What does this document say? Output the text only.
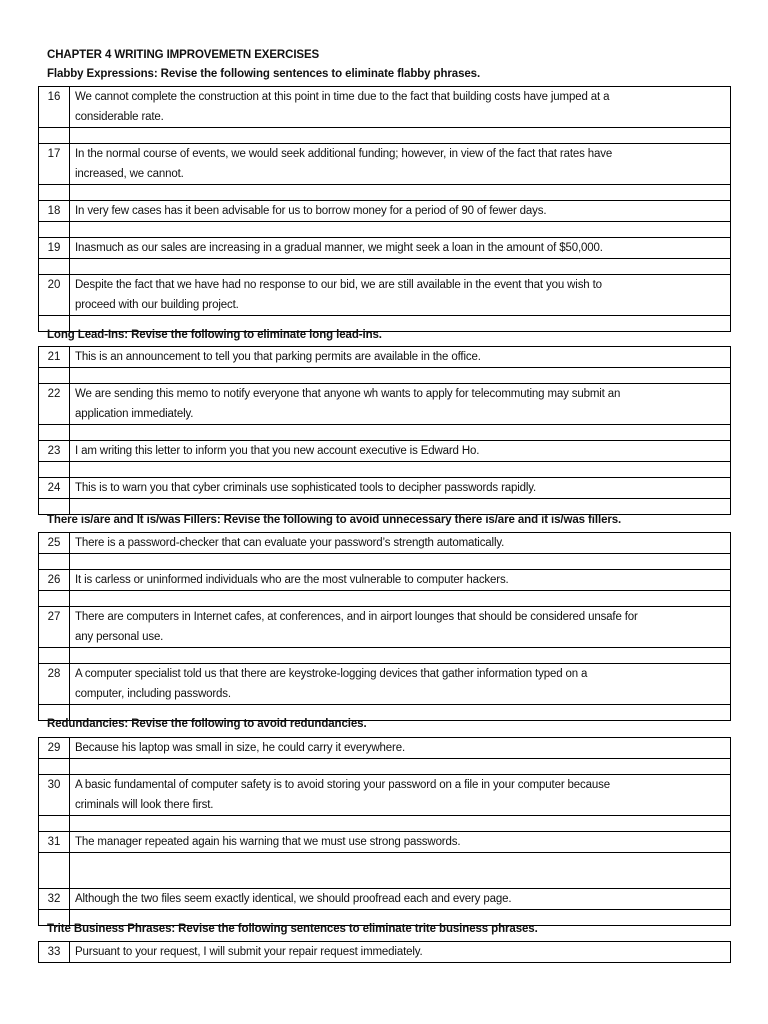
CHAPTER 4 WRITING IMPROVEMETN EXERCISES
Flabby Expressions: Revise the following sentences to eliminate flabby phrases.
16	We cannot complete the construction at this point in time due to the fact that building costs have jumped at a
considerable rate.

17	In the normal course of events, we would seek additional funding; however, in view of the fact that rates have
increased, we cannot.

18	In very few cases has it been advisable for us to borrow money for a period of 90 of fewer days.

19	Inasmuch as our sales are increasing in a gradual manner, we might seek a loan in the amount of $50,000.

20	Despite the fact that we have had no response to our bid, we are still available in the event that you wish to
proceed with our building project.

Long Lead-Ins: Revise the following to eliminate long lead-ins.
21	This is an announcement to tell you that parking permits are available in the office.

22	We are sending this memo to notify everyone that anyone wh wants to apply for telecommuting may submit an
application immediately.

23	I am writing this letter to inform you that you new account executive is Edward Ho.

24	This is to warn you that cyber criminals use sophisticated tools to decipher passwords rapidly.

There is/are and It is/was Fillers: Revise the following to avoid unnecessary there is/are and it is/was fillers.
25	There is a password-checker that can evaluate your password’s strength automatically.

26	It is carless or uninformed individuals who are the most vulnerable to computer hackers.

27	There are computers in Internet cafes, at conferences, and in airport lounges that should be considered unsafe for
any personal use.

28	A computer specialist told us that there are keystroke-logging devices that gather information typed on a
computer, including passwords.

Redundancies: Revise the following to avoid redundancies.
29	Because his laptop was small in size, he could carry it everywhere.

30	A basic fundamental of computer safety is to avoid storing your password on a file in your computer because
criminals will look there first.

31	The manager repeated again his warning that we must use strong passwords.

32	Although the two files seem exactly identical, we should proofread each and every page.

Trite Business Phrases: Revise the following sentences to eliminate trite business phrases.
33	Pursuant to your request, I will submit your repair request immediately.
